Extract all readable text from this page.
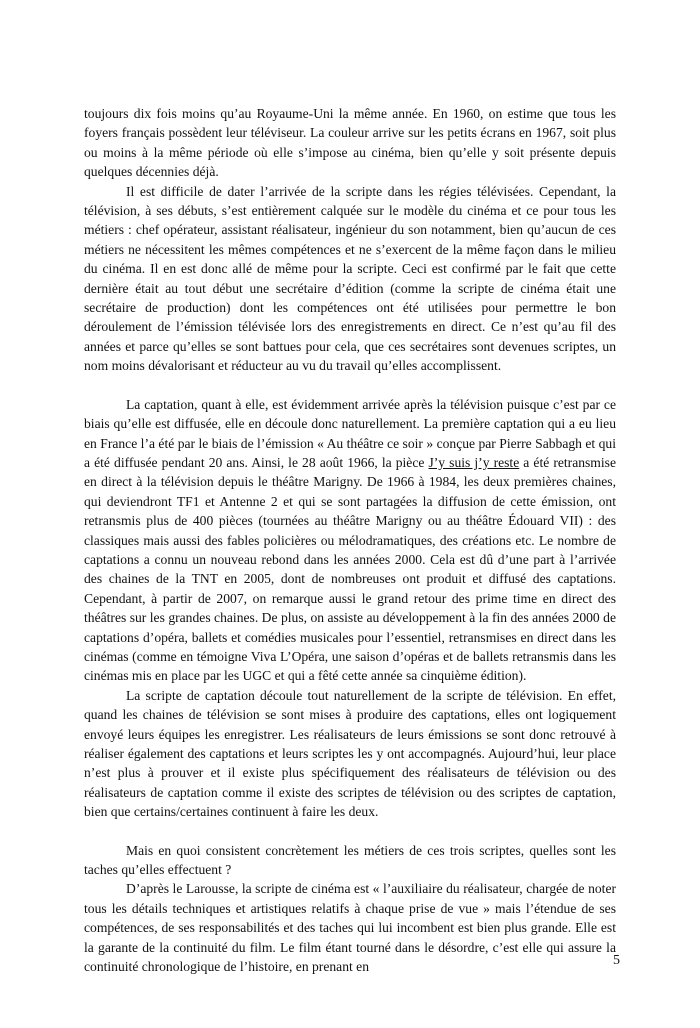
toujours dix fois moins qu’au Royaume-Uni la même année. En 1960, on estime que tous les foyers français possèdent leur téléviseur. La couleur arrive sur les petits écrans en 1967, soit plus ou moins à la même période où elle s’impose au cinéma, bien qu’elle y soit présente depuis quelques décennies déjà.

Il est difficile de dater l’arrivée de la scripte dans les régies télévisées. Cependant, la télévision, à ses débuts, s’est entièrement calquée sur le modèle du cinéma et ce pour tous les métiers : chef opérateur, assistant réalisateur, ingénieur du son notamment, bien qu’aucun de ces métiers ne nécessitent les mêmes compétences et ne s’exercent de la même façon dans le milieu du cinéma. Il en est donc allé de même pour la scripte. Ceci est confirmé par le fait que cette dernière était au tout début une secrétaire d’édition (comme la scripte de cinéma était une secrétaire de production) dont les compétences ont été utilisées pour permettre le bon déroulement de l’émission télévisée lors des enregistrements en direct. Ce n’est qu’au fil des années et parce qu’elles se sont battues pour cela, que ces secrétaires sont devenues scriptes, un nom moins dévalorisant et réducteur au vu du travail qu’elles accomplissent.

La captation, quant à elle, est évidemment arrivée après la télévision puisque c’est par ce biais qu’elle est diffusée, elle en découle donc naturellement. La première captation qui a eu lieu en France l’a été par le biais de l’émission « Au théâtre ce soir » conçue par Pierre Sabbagh et qui a été diffusée pendant 20 ans. Ainsi, le 28 août 1966, la pièce J’y suis j’y reste a été retransmise en direct à la télévision depuis le théâtre Marigny. De 1966 à 1984, les deux premières chaines, qui deviendront TF1 et Antenne 2 et qui se sont partagées la diffusion de cette émission, ont retransmis plus de 400 pièces (tournées au théâtre Marigny ou au théâtre Édouard VII) : des classiques mais aussi des fables policières ou mélodramatiques, des créations etc. Le nombre de captations a connu un nouveau rebond dans les années 2000. Cela est dû d’une part à l’arrivée des chaines de la TNT en 2005, dont de nombreuses ont produit et diffusé des captations. Cependant, à partir de 2007, on remarque aussi le grand retour des prime time en direct des théâtres sur les grandes chaines. De plus, on assiste au développement à la fin des années 2000 de captations d’opéra, ballets et comédies musicales pour l’essentiel, retransmises en direct dans les cinémas (comme en témoigne Viva L’Opéra, une saison d’opéras et de ballets retransmis dans les cinémas mis en place par les UGC et qui a fêté cette année sa cinquième édition).

La scripte de captation découle tout naturellement de la scripte de télévision. En effet, quand les chaines de télévision se sont mises à produire des captations, elles ont logiquement envoyé leurs équipes les enregistrer. Les réalisateurs de leurs émissions se sont donc retrouvé à réaliser également des captations et leurs scriptes les y ont accompagnés. Aujourd’hui, leur place n’est plus à prouver et il existe plus spécifiquement des réalisateurs de télévision ou des réalisateurs de captation comme il existe des scriptes de télévision ou des scriptes de captation, bien que certains/certaines continuent à faire les deux.

Mais en quoi consistent concrètement les métiers de ces trois scriptes, quelles sont les taches qu’elles effectuent ?

D’après le Larousse, la scripte de cinéma est « l’auxiliaire du réalisateur, chargée de noter tous les détails techniques et artistiques relatifs à chaque prise de vue » mais l’étendue de ses compétences, de ses responsabilités et des taches qui lui incombent est bien plus grande. Elle est la garante de la continuité du film. Le film étant tourné dans le désordre, c’est elle qui assure la continuité chronologique de l’histoire, en prenant en	5
